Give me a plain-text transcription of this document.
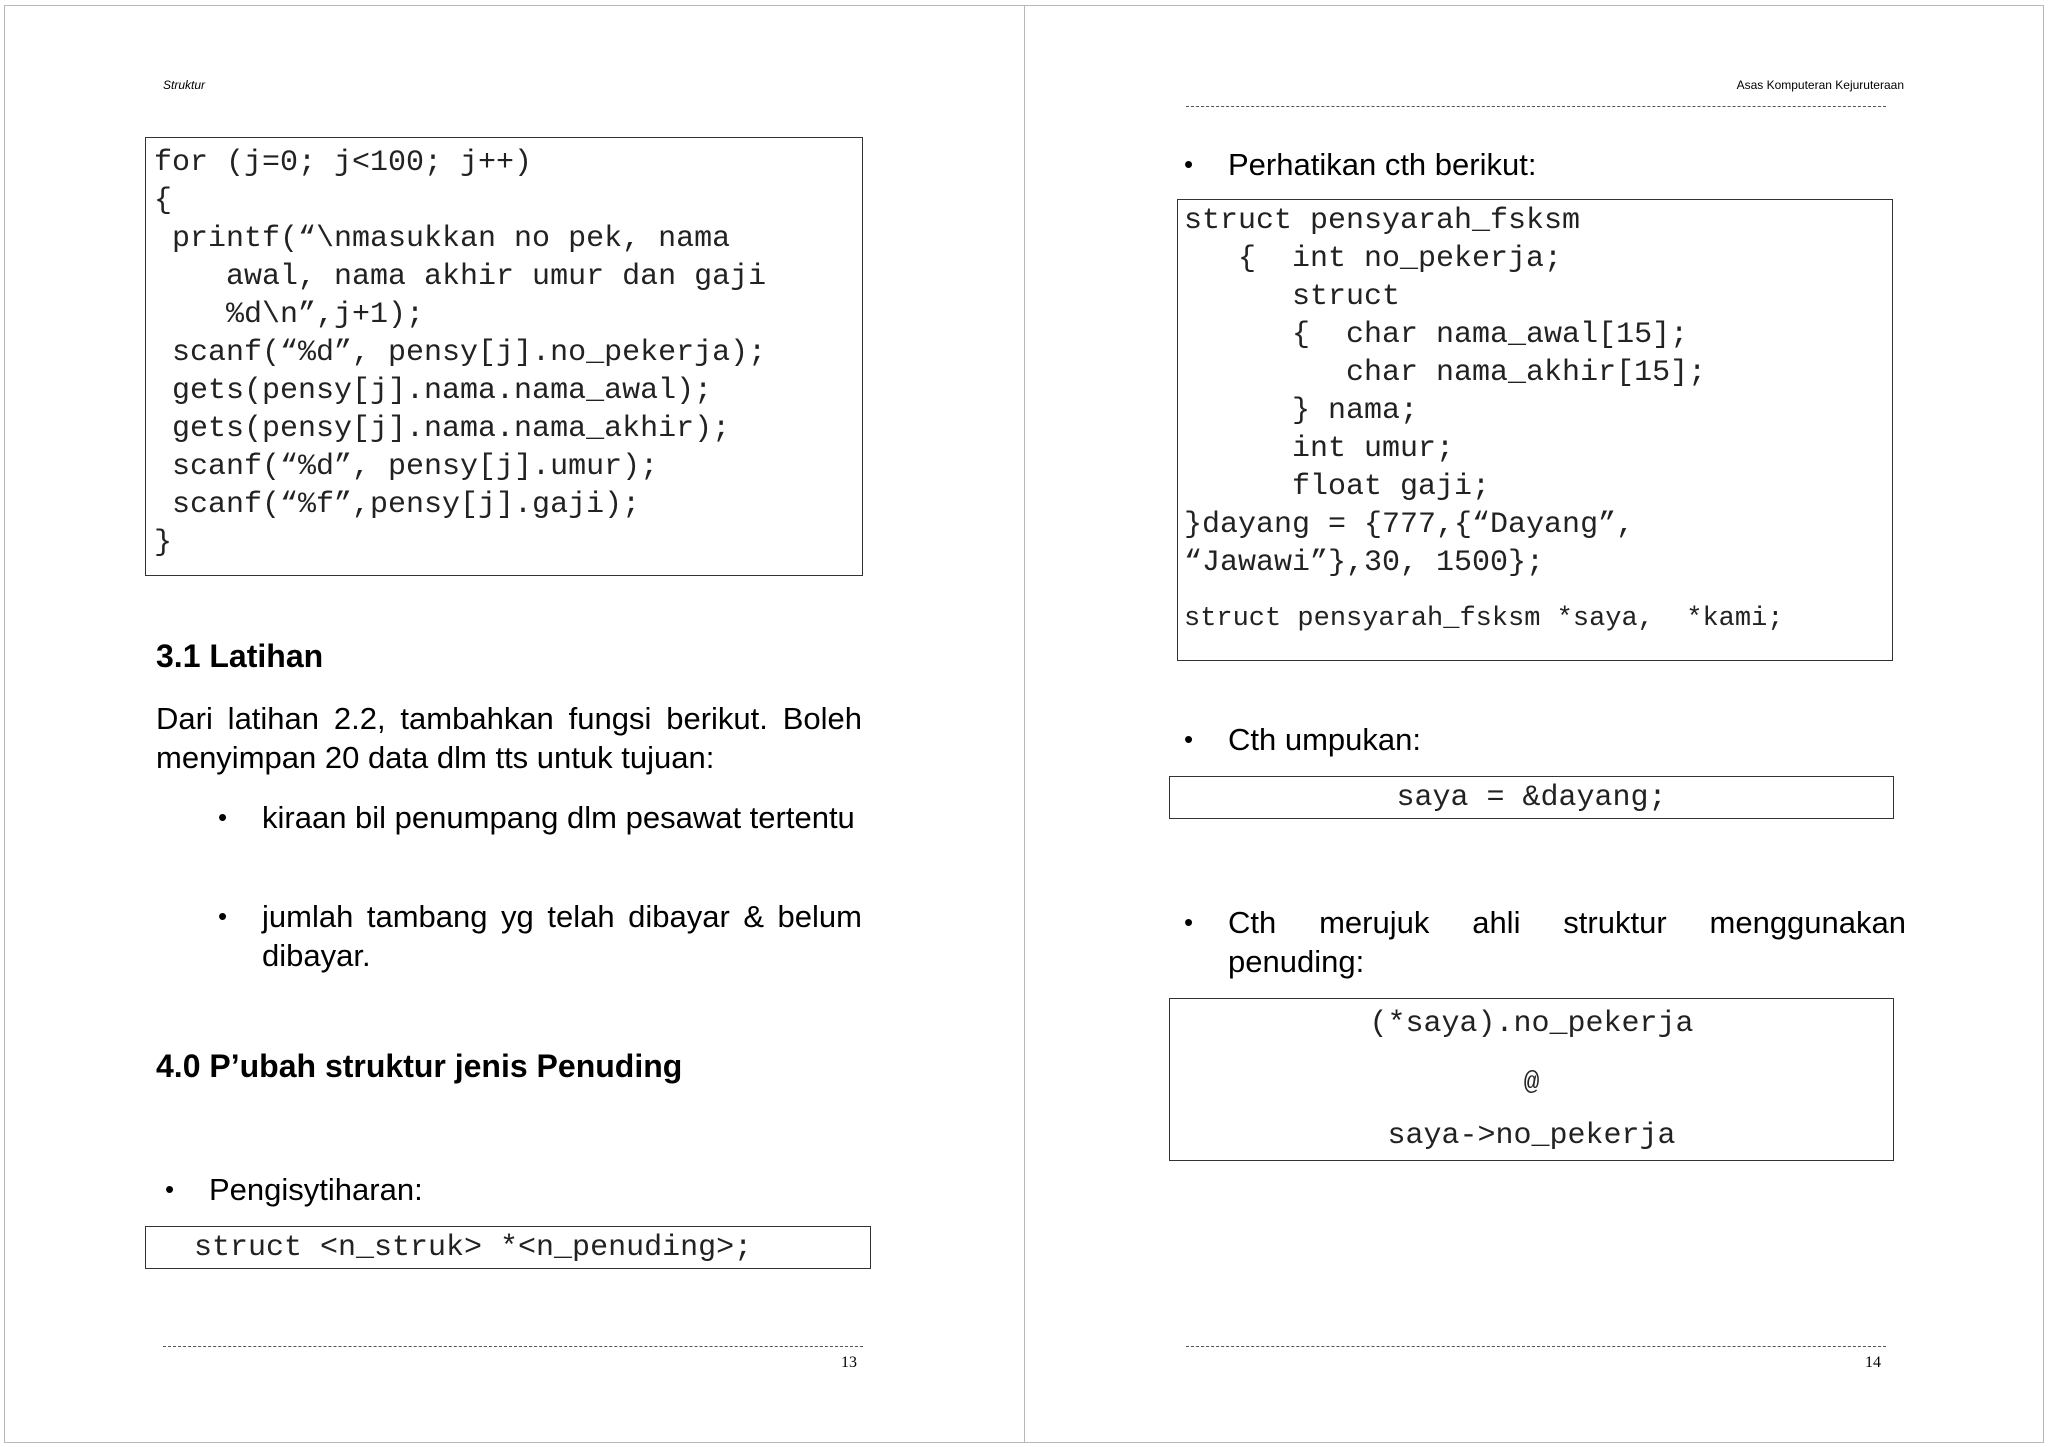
Struktur
for (j=0; j<100; j++)
{
printf(“\nmasukkan no pek, nama
awal, nama akhir umur dan gaji
%d\n”,j+1);
scanf(“%d”, pensy[j].no_pekerja);
gets(pensy[j].nama.nama_awal);
gets(pensy[j].nama.nama_akhir);
scanf(“%d”, pensy[j].umur);
scanf(“%f”,pensy[j].gaji);
}
3.1 Latihan
Dari latihan 2.2, tambahkan fungsi berikut. Boleh menyimpan 20 data dlm tts untuk tujuan:
• kiraan bil penumpang dlm pesawat tertentu
• jumlah tambang yg telah dibayar & belum dibayar.
4.0 P’ubah struktur jenis Penuding
• Pengisytiharan:
struct <n_struk> *<n_penuding>;
13
Asas Komputeran Kejuruteraan
• Perhatikan cth berikut:
struct pensyarah_fsksm
{  int no_pekerja;
struct
{  char nama_awal[15];
char nama_akhir[15];
} nama;
int umur;
float gaji;
}dayang = {777,{“Dayang”,
“Jawawi”},30, 1500};
struct pensyarah_fsksm *saya,  *kami;
• Cth umpukan:
saya = &dayang;
• Cth merujuk ahli struktur menggunakan penuding:
(*saya).no_pekerja
@
saya->no_pekerja
14
